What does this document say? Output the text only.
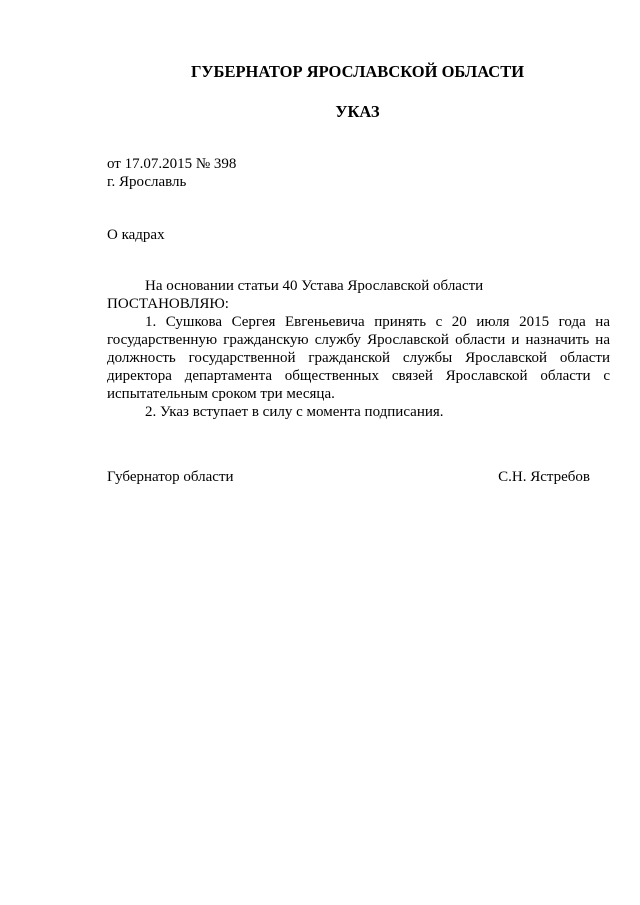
ГУБЕРНАТОР ЯРОСЛАВСКОЙ ОБЛАСТИ
УКАЗ

от 17.07.2015 № 398

г. Ярославль

О кадрах

На основании статьи 40 Устава Ярославской области

ПОСТАНОВЛЯЮ:

1. Сушкова Сергея Евгеньевича принять с 20 июля 2015 года на государственную гражданскую службу Ярославской области и назначить на должность государственной гражданской службы Ярославской области директора департамента общественных связей Ярославской области с испытательным сроком три месяца.

2. Указ вступает в силу с момента подписания.

Губернатор области	С.Н. Ястребов
